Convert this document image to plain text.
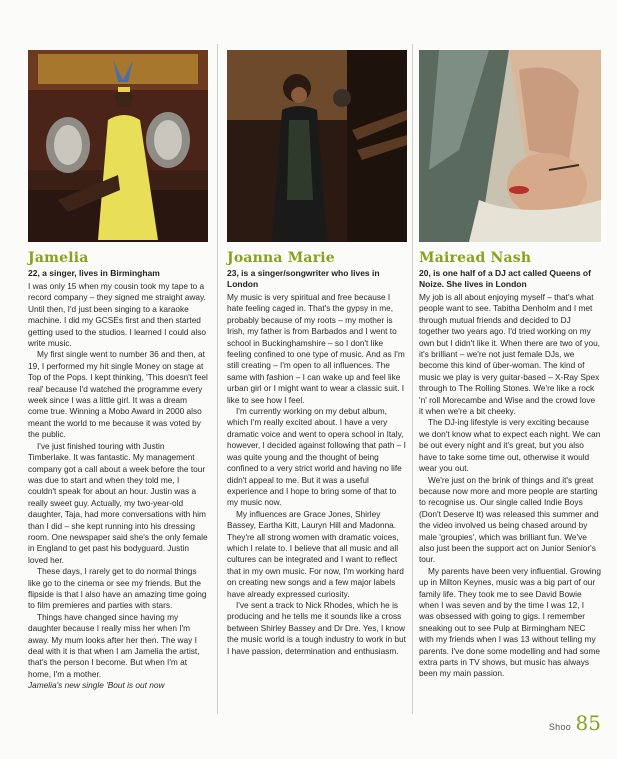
Jamelia
22, a singer, lives in Birmingham

I was only 15 when my cousin took my tape to a record company – they signed me straight away. Until then, I'd just been singing to a karaoke machine. I did my GCSEs first and then started getting used to the studios. I learned I could also write music.

My first single went to number 36 and then, at 19, I performed my hit single Money on stage at Top of the Pops. I kept thinking, 'This doesn't feel real' because I'd watched the programme every week since I was a little girl. It was a dream come true. Winning a Mobo Award in 2000 also meant the world to me because it was voted by the public.

I've just finished touring with Justin Timberlake. It was fantastic. My management company got a call about a week before the tour was due to start and when they told me, I couldn't speak for about an hour. Justin was a really sweet guy. Actually, my two-year-old daughter, Taja, had more conversations with him than I did – she kept running into his dressing room. One newspaper said she's the only female in England to get past his bodyguard. Justin loved her.

These days, I rarely get to do normal things like go to the cinema or see my friends. But the flipside is that I also have an amazing time going to film premieres and parties with stars.

Things have changed since having my daughter because I really miss her when I'm away. My mum looks after her then. The way I deal with it is that when I am Jamelia the artist, that's the person I become. But when I'm at home, I'm a mother.

Jamelia's new single 'Bout is out now

Joanna Marie
23, is a singer/songwriter who lives in London

My music is very spiritual and free because I hate feeling caged in. That's the gypsy in me, probably because of my roots – my mother is Irish, my father is from Barbados and I went to school in Buckinghamshire – so I don't like feeling confined to one type of music. And as I'm still creating – I'm open to all influences. The same with fashion – I can wake up and feel like urban girl or I might want to wear a classic suit. I like to see how I feel.

I'm currently working on my debut album, which I'm really excited about. I have a very dramatic voice and went to opera school in Italy, however, I decided against following that path – I was quite young and the thought of being confined to a very strict world and having no life didn't appeal to me. But it was a useful experience and I hope to bring some of that to my music now.

My influences are Grace Jones, Shirley Bassey, Eartha Kitt, Lauryn Hill and Madonna. They're all strong women with dramatic voices, which I relate to. I believe that all music and all cultures can be integrated and I want to reflect that in my own music. For now, I'm working hard on creating new songs and a few major labels have already expressed curiosity.

I've sent a track to Nick Rhodes, which he is producing and he tells me it sounds like a cross between Shirley Bassey and Dr Dre. Yes, I know the music world is a tough industry to work in but I have passion, determination and enthusiasm.

Mairead Nash
20, is one half of a DJ act called Queens of Noize. She lives in London

My job is all about enjoying myself – that's what people want to see. Tabitha Denholm and I met through mutual friends and decided to DJ together two years ago. I'd tried working on my own but I didn't like it. When there are two of you, it's brilliant – we're not just female DJs, we become this kind of über-woman. The kind of music we play is very guitar-based – X-Ray Spex through to The Rolling Stones. We're like a rock 'n' roll Morecambe and Wise and the crowd love it when we're a bit cheeky.

The DJ-ing lifestyle is very exciting because we don't know what to expect each night. We can be out every night and it's great, but you also have to take some time out, otherwise it would wear you out.

We're just on the brink of things and it's great because now more and more people are starting to recognise us. Our single called Indie Boys (Don't Deserve It) was released this summer and the video involved us being chased around by male 'groupies', which was brilliant fun. We've also just been the support act on Junior Senior's tour.

My parents have been very influential. Growing up in Milton Keynes, music was a big part of our family life. They took me to see David Bowie when I was seven and by the time I was 12, I was obsessed with going to gigs. I remember sneaking out to see Pulp at Birmingham NEC with my friends when I was 13 without telling my parents. I've done some modelling and had some extra parts in TV shows, but music has always been my main passion.

Shoo 85
